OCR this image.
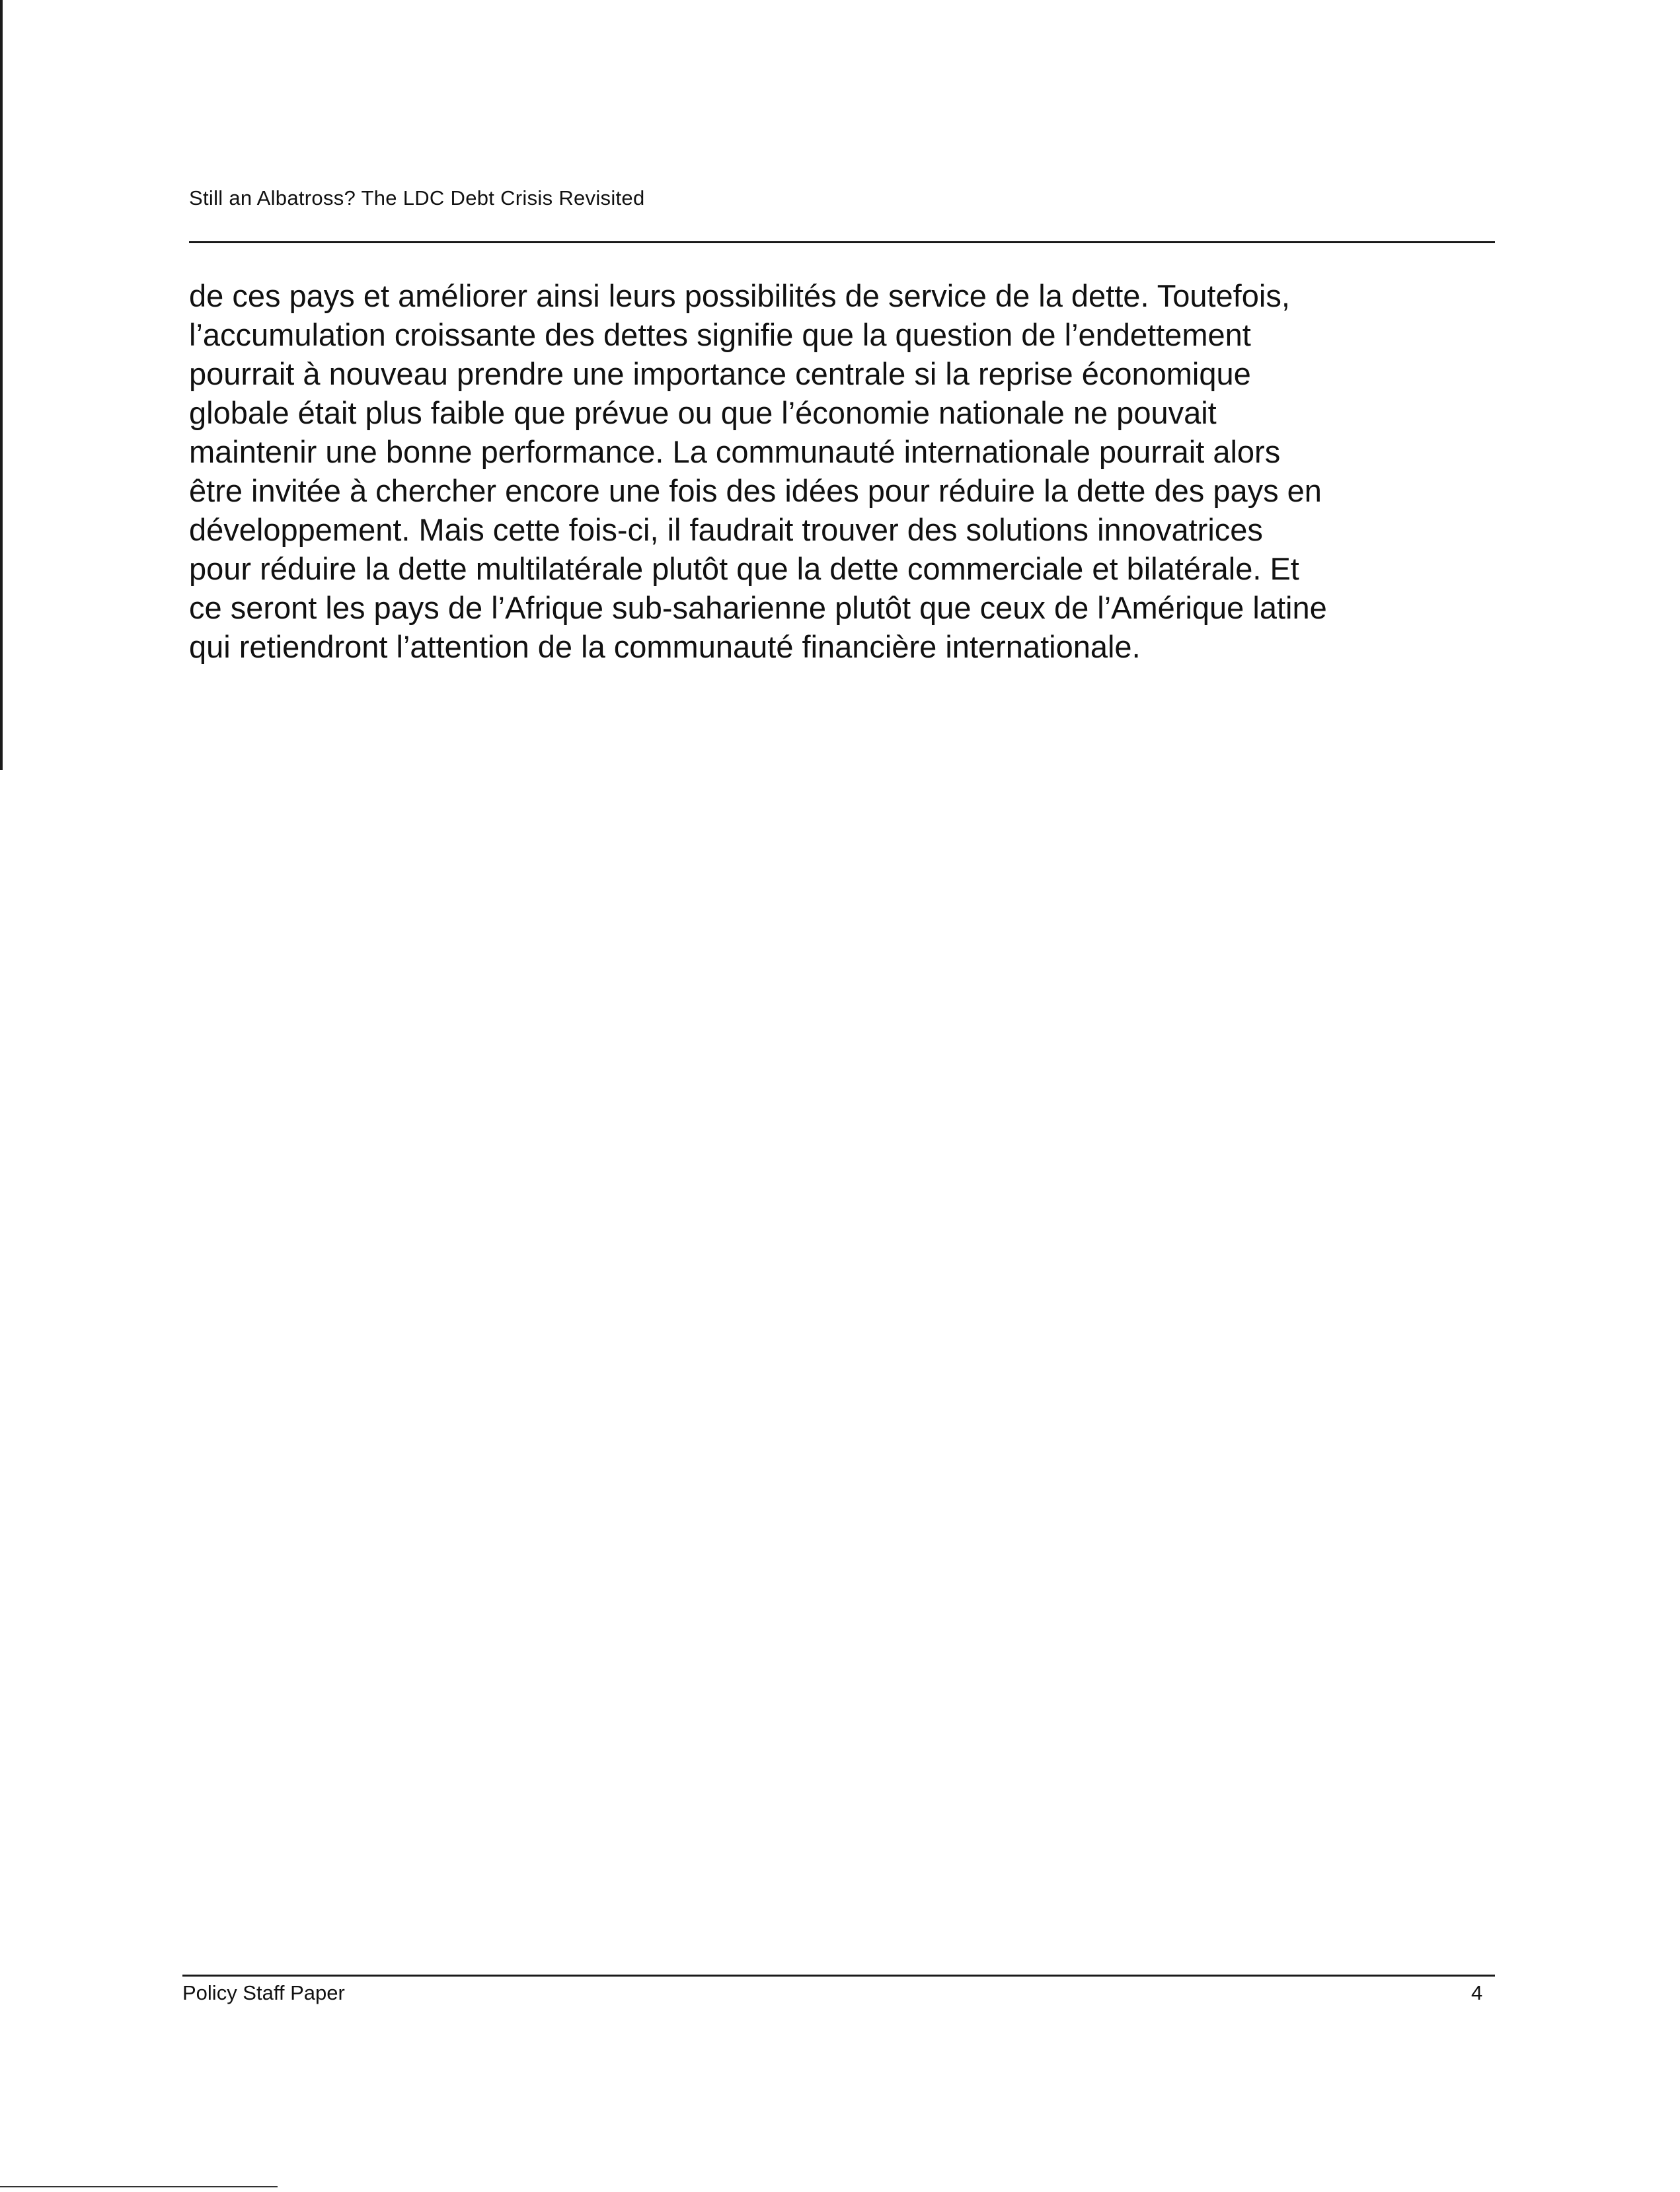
Still an Albatross? The LDC Debt Crisis Revisited
de ces pays et améliorer ainsi leurs possibilités de service de la dette. Toutefois,
l’accumulation croissante des dettes signifie que la question de l’endettement
pourrait à nouveau prendre une importance centrale si la reprise économique
globale était plus faible que prévue ou que l’économie nationale ne pouvait
maintenir une bonne performance. La communauté internationale pourrait alors
être invitée à chercher encore une fois des idées pour réduire la dette des pays en
développement. Mais cette fois-ci, il faudrait trouver des solutions innovatrices
pour réduire la dette multilatérale plutôt que la dette commerciale et bilatérale. Et
ce seront les pays de l’Afrique sub-saharienne plutôt que ceux de l’Amérique latine
qui retiendront l’attention de la communauté financière internationale.
Policy Staff Paper	4
